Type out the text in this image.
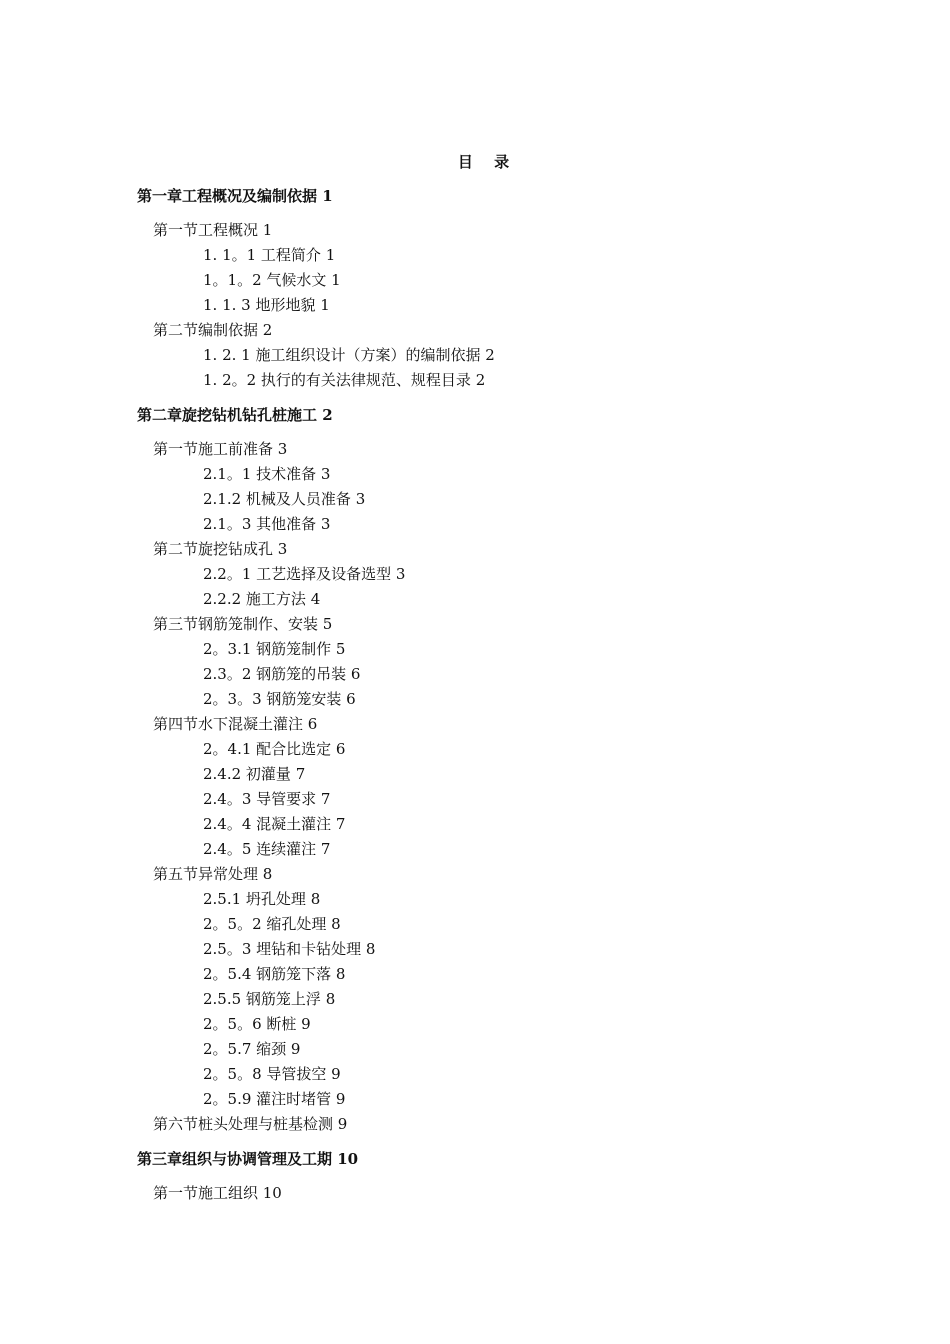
目 录
第一章工程概况及编制依据 1
第一节工程概况 1
1. 1。1 工程简介 1
1。1。2 气候水文 1
1. 1. 3 地形地貌 1
第二节编制依据 2
1. 2. 1 施工组织设计（方案）的编制依据 2
1. 2。2 执行的有关法律规范、规程目录 2
第二章旋挖钻机钻孔桩施工 2
第一节施工前准备 3
2.1。1 技术准备 3
2.1.2 机械及人员准备 3
2.1。3 其他准备 3
第二节旋挖钻成孔 3
2.2。1 工艺选择及设备选型 3
2.2.2 施工方法 4
第三节钢筋笼制作、安装 5
2。3.1 钢筋笼制作 5
2.3。2 钢筋笼的吊装 6
2。3。3 钢筋笼安装 6
第四节水下混凝土灌注 6
2。4.1 配合比选定 6
2.4.2 初灌量 7
2.4。3 导管要求 7
2.4。4 混凝土灌注 7
2.4。5 连续灌注 7
第五节异常处理 8
2.5.1 坍孔处理 8
2。5。2 缩孔处理 8
2.5。3 埋钻和卡钻处理 8
2。5.4 钢筋笼下落 8
2.5.5 钢筋笼上浮 8
2。5。6 断桩 9
2。5.7 缩颈 9
2。5。8 导管拔空 9
2。5.9 灌注时堵管 9
第六节桩头处理与桩基检测 9
第三章组织与协调管理及工期 10
第一节施工组织 10
